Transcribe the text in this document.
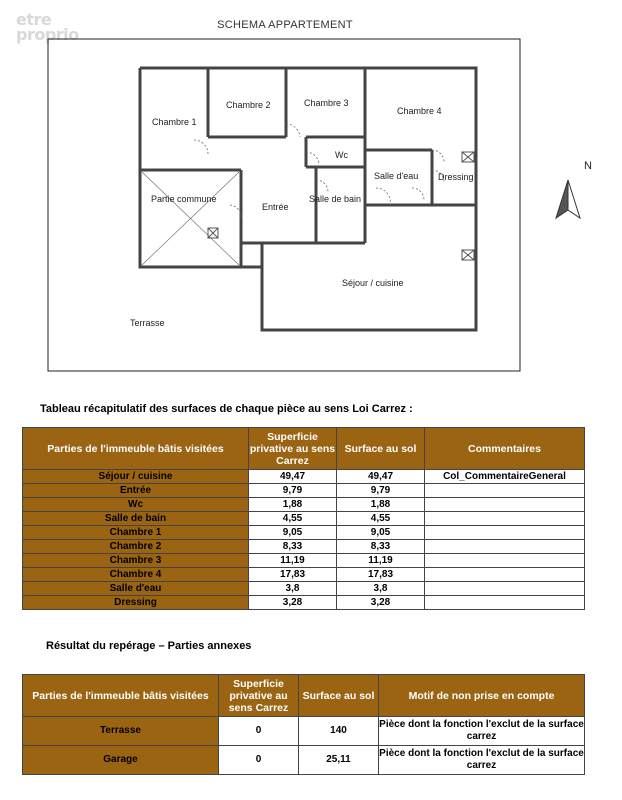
etre
proprio	SCHEMA APPARTEMENT
Chambre 1
Chambre 2	Chambre 3
Chambre 4
Wc
Partie commune
Entrée
Salle de bain
Salle d'eau Dressing
Séjour / cuisine
Terrasse
N
Tableau récapitulatif des surfaces de chaque pièce au sens Loi Carrez :
Parties de l'immeuble bâtis visitées	Superficie privative au sens Carrez	Surface au sol	Commentaires
Séjour / cuisine	49,47	49,47	Col_CommentaireGeneral
Entrée	9,79	9,79	
Wc	1,88	1,88	
Salle de bain	4,55	4,55	
Chambre 1	9,05	9,05	
Chambre 2	8,33	8,33	
Chambre 3	11,19	11,19	
Chambre 4	17,83	17,83	
Salle d'eau	3,8	3,8	
Dressing	3,28	3,28	
Résultat du repérage – Parties annexes
Parties de l'immeuble bâtis visitées	Superficie privative au sens Carrez	Surface au sol	Motif de non prise en compte
Terrasse	0	140	Pièce dont la fonction l'exclut de la surface carrez
Garage	0	25,11	Pièce dont la fonction l'exclut de la surface carrez
